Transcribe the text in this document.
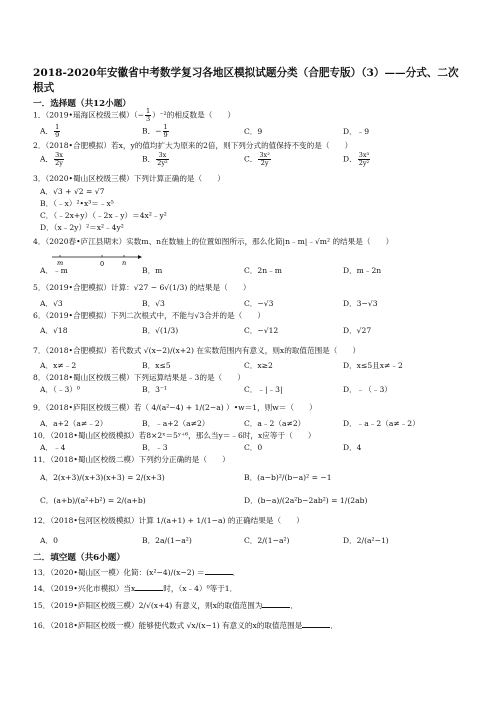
2018-2020年安徽省中考数学复习各地区模拟试题分类（合肥专版）（3）——分式、二次根式
一．选择题（共12小题）
1．（2019•瑶海区校级三模）（− $\frac{1}{3} )^{-2}$的相反数是（　　）
A． $\frac{1}{9}$	B．− $\frac{1}{9}$	C．9	D．﹣9
2．（2018•合肥模拟）若x，y的值均扩大为原来的2倍，则下列分式的值保持不变的是（　　）
A． $\frac{3x}{2y}$	B． $\frac{3x}{\text{2y²}}$	C． $\frac{\text{3x²}}{2y}$	D． $\frac{\text{3x³}}{\text{2y²}}$
3．（2020•蜀山区校级三模）下列计算正确的是（　　）
A．√3 + √2 = √7
B．（﹣x）²•x³＝﹣x⁵
C．（﹣2x+y）（﹣2x﹣y）＝4x²﹣y²
D．（x﹣2y）²＝x²﹣4y²
4．（2020春•庐江县期末）实数m、n在数轴上的位置如图所示，那么化简|n﹣m|﹣√m² 的结果是（　　）
m	0	n
A．﹣m	B．m	C．2n﹣m	D．m﹣2n
5．（2019•合肥模拟）计算：√27 − 6√(1/3) 的结果是（　　）
A．√3	B．√3	C．−√3	D．3−√3
6．（2019•合肥模拟）下列二次根式中，不能与√3合并的是（　　）
A．√18	B．√(1/3)	C．−√12	D．√27
7．（2018•合肥模拟）若代数式 √(x−2)/(x+2) 在实数范围内有意义，则x的取值范围是（　　）
A．x≠﹣2	B．x≤5	C．x≥2	D．x≤5且x≠﹣2
8．（2018•蜀山区校级三模）下列运算结果是﹣3的是（　　）
A．（﹣3）⁰	B．3⁻¹	C．﹣|﹣3|	D．﹣（﹣3）
9．（2018•庐阳区校级三模）若（ 4/(a²−4) + 1/(2−a) ）•w＝1，则w＝（　　）
A．a+2（a≠﹣2）	B．﹣a+2（a≠2）	C．a﹣2（a≠2）	D．﹣a﹣2（a≠﹣2）
10．（2018•蜀山区校级模拟）若8×2ˣ＝5ʸ⁺⁶，那么当y＝﹣6时，x应等于（　　）
A．﹣4	B．﹣3	C．0	D．4
11．（2018•蜀山区校级二模）下列约分正确的是（　　）
A．2(x+3)/(x+3)(x+3) = 2/(x+3)	B．(a−b)²/(b−a)² = −1
C．(a+b)/(a²+b²) = 2/(a+b)	D．(b−a)/(2a²b−2ab²) = 1/(2ab)
12．（2018•包河区校级模拟）计算 1/(a+1) + 1/(1−a) 的正确结果是（　　）
A．0	B．2a/(1−a²)	C．2/(1−a²)	D．2/(a²−1)
二．填空题（共6小题）
13．（2020•蜀山区一模）化简：(x²−4)/(x−2) ＝	．
14．（2019•兴化市模拟）当x	时，（x﹣4）⁰等于1．
15．（2019•庐阳区校级三模）2/√(x+4) 有意义，则x的取值范围为	．
16．（2018•庐阳区校级一模）能够使代数式 √x/(x−1) 有意义的x的取值范围是	．
